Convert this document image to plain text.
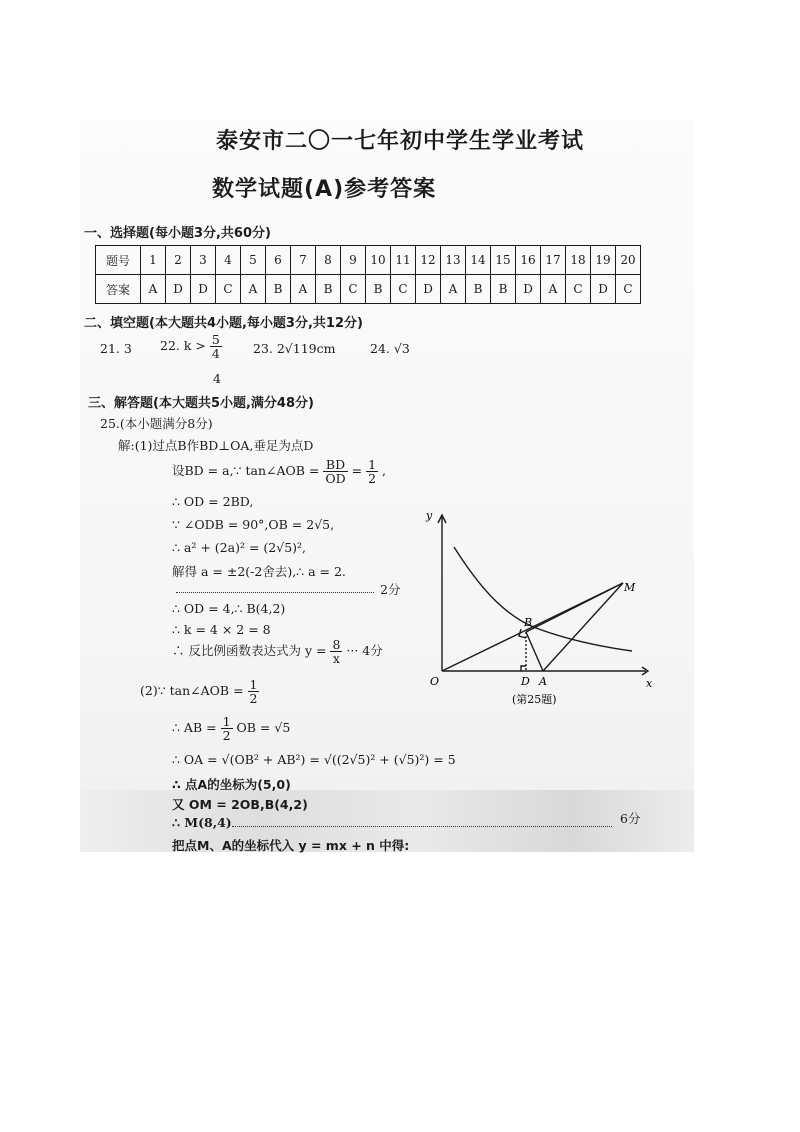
泰安市二〇一七年初中学生学业考试
数学试题(A)参考答案
一、选择题(每小题3分,共60分)
题号	1	2	3	4	5	6	7	8	9	10	11	12	13	14	15	16	17	18	19	20
答案	A	D	D	C	A	B	A	B	C	B	C	D	A	B	B	D	A	C	D	C
二、填空题(本大题共4小题,每小题3分,共12分)
21. 3 22. $k > \frac{5}{4}$
4
23. 2√119cm	24. √3
三、解答题(本大题共5小题,满分48分)
25.(本小题满分8分)
解:(1)过点B作BD⊥OA,垂足为点D
设BD = a,∵ tan∠AOB = $\frac{BD}{OD} = \frac{1}{2}$ ,
∴ OD = 2BD,
∵ ∠ODB = 90°,OB = 2√5,
∴ a² + (2a)² = (2√5)²,
解得 a = ±2(-2舍去),∴ a = 2.
2分
∴ OD = 4,∴ B(4,2)
∴ k = 4 × 2 = 8
∴ 反比例函数表达式为 $y = \frac{8}{x}$ ··· 4分
(2)∵ tan∠AOB = $\frac{1}{2}$
∴ AB = $\frac{1}{2}$ OB = √5
∴ OA = √(OB² + AB²) = √((2√5)² + (√5)²) = 5
∴ 点A的坐标为(5,0)
又 OM = 2OB,B(4,2)
∴ M(8,4)	6分
把点M、A的坐标代入 y = mx + n 中得:
y
x
O
B
M
D A
(第25题)
